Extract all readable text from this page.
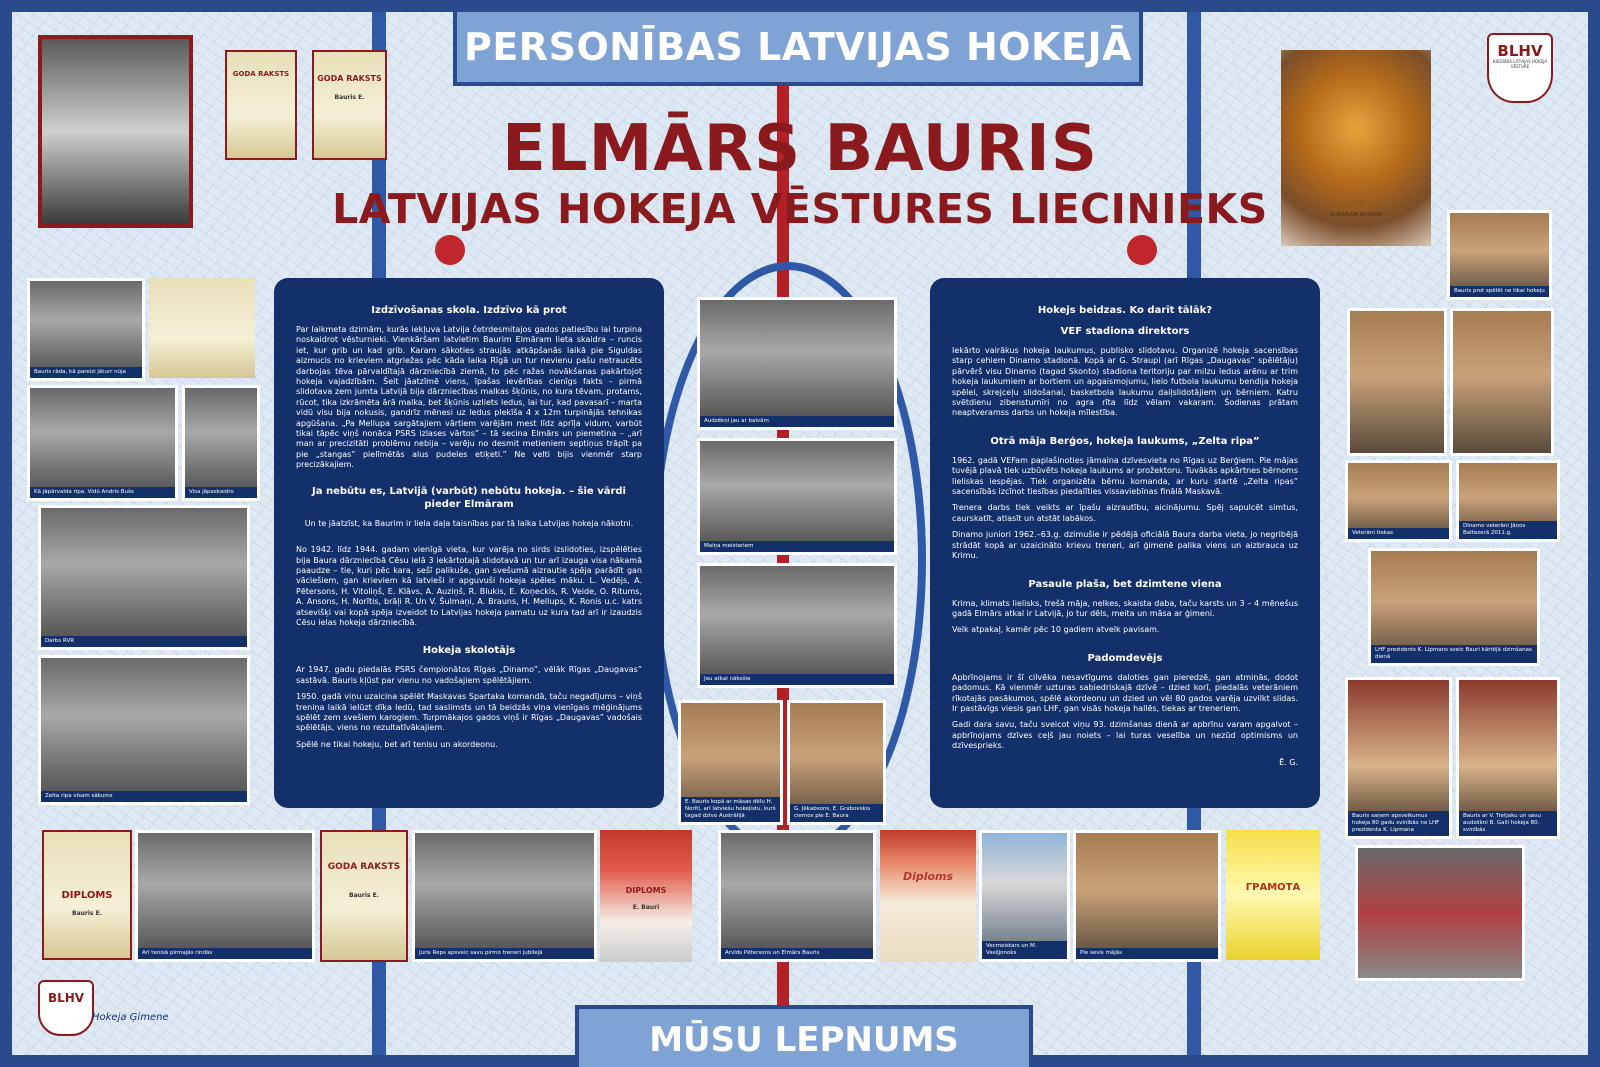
PERSONĪBAS LATVIJAS HOKEJĀ
ELMĀRS BAURIS
LATVIJAS HOKEJA VĒSTURES LIECINIEKS
GODA RAKSTS	GODA RAKSTS
Bauris E.
Bauris rāda, kā pareizi jāturr nūja
Kā jāpārvalda ripa. Vidū Andris Bušs	Visa jāpaskaidro
Darbs RVR
Zelta ripa visam sākums
Izdzīvošanas skola. Izdzīvo kā prot

Par laikmeta dzirnām, kurās iekļuva Latvija četrdesmitajos gados patiesību lai turpina noskaidrot vēsturnieki. Vienkāršam latvietim Baurim Elmāram lieta skaidra – runcis iet, kur grib un kad grib. Karam sākoties straujās atkāpšanās laikā pie Siguldas aizmucis no krieviem atgriežas pēc kāda laika Rīgā un tur nevienu pašu netraucēts darbojas tēva pārvaldītajā dārzniecībā ziemā, to pēc ražas novākšanas pakārtojot hokeja vajadzībām. Šeit jāatzīmē viens, īpašas ievērības cienīgs fakts – pirmā slidotava zem jumta Latvijā bija dārzniecības malkas šķūnis, no kura tēvam, protams, rūcot, tika izkrāmēta ārā malka, bet šķūnis uzliets ledus, lai tur, kad pavasarī – marta vidū visu bija nokusis, gandrīz mēnesi uz ledus plekīša 4 x 12m turpinājās tehnikas apgūšana. „Pa Mellupa sargātajiem vārtiem varējām mest līdz aprīļa vidum, varbūt tikai tāpēc viņš nonāca PSRS izlases vārtos” – tā secina Elmārs un piemetina – „arī man ar precizitāti problēmu nebija – varēju no desmit metieniem septiņus trāpīt pa pie „stangas” pielīmētās alus pudeles etiķeti.” Ne velti bijis vienmēr starp precizākajiem.

Ja nebūtu es, Latvijā (varbūt) nebūtu hokeja. – šie vārdi pieder Elmāram

Un te jāatzīst, ka Baurim ir liela daļa taisnības par tā laika Latvijas hokeja nākotni.

No 1942. līdz 1944. gadam vienīgā vieta, kur varēja no sirds izslidoties, izspēlēties bija Baura dārzniecībā Cēsu ielā 3 iekārtotajā slidotavā un tur arī izauga visa nākamā paaudze – tie, kuri pēc kara, sešī palikuše, gan svešumā aizrautie spēja parādīt gan vāciešiem, gan krieviem kā latvieši ir apguvuši hokeja spēles māku. L. Vedējs, A. Pētersons, H. Vitoliņš, E. Klāvs, A. Auziņš, R. Blukis, E. Koņeckis, R. Veide, O. Ritums, A. Ansons, H. Norītis, brāļi R. Un V. Šulmaņi, A. Brauns, H. Mellups, K. Ronis u.c. katrs atsevišķi vai kopā spēja izveidot to Latvijas hokeja pamatu uz kura tad arī ir izaudzis Cēsu ielas hokeja dārzniecībā.

Hokeja skolotājs

Ar 1947. gadu piedalās PSRS čempionātos Rīgas „Dinamo”, vēlāk Rīgas „Daugavas” sastāvā. Bauris kļūst par vienu no vadošajiem spēlētājiem.

1950. gadā viņu uzaicina spēlēt Maskavas Spartaka komandā, taču negadījums – viņš treniņa laikā ielūzt dīķa ledū, tad saslimsts un tā beidzās viņa vienīgais mēģinājums spēlēt zem svešiem karogiem. Turpmākajos gados viņš ir Rīgas „Daugavas” vadošais spēlētājs, viens no rezultatīvākajiem.

Spēlē ne tikai hokeju, bet arī tenisu un akordeonu.

Audzēkņi jau ar balvām
Maiņa meistariem
Jau atkal nākošie
E. Bauris kopā ar māsas dēlu H. Norīti, arī latviešu hokejistu, kurš tagad dzīvo Austrālijā
G. Jēkabsons, E. Grabovskis ciemos pie E. Baura
Hokejs beidzas. Ko darīt tālāk?
VEF stadiona direktors

Iekārto vairākus hokeja laukumus, publisko slidotavu. Organizē hokeja sacensības starp cehiem Dinamo stadionā. Kopā ar G. Straupi (arī Rīgas „Daugavas” spēlētāju) pārvērš visu Dinamo (tagad Skonto) stadiona teritoriju par milzu ledus arēnu ar trim hokeja laukumiem ar bortiem un apgaismojumu, lielo futbola laukumu bendija hokeja spēlei, skrejceļu slidošanai, basketbola laukumu daiļslidotājiem un bērniem. Katru svētdienu zibensturnīri no agra rīta līdz vēlam vakaram. Šodienas prātam neaptveramss darbs un hokeja mīlestība.

Otrā māja Berģos, hokeja laukums, „Zelta ripa”

1962. gadā VEFam paplašinoties jāmaina dzīvesvieta no Rīgas uz Berģiem. Pie mājas tuvējā plavā tiek uzbūvēts hokeja laukums ar prožektoru. Tuvākās apkārtnes bērnoms lieliskas iespējas. Tiek organizēta bērnu komanda, ar kuru startē „Zelta ripas” sacensībās izcīnot tiesības piedalīties vissaviebīnas finālā Maskavā.

Trenera darbs tiek veikts ar īpašu aizrautību, aicinājumu. Spēj sapulcēt simtus, caurskatīt, atlasīt un atstāt labākos.

Dinamo juniori 1962.–63.g. dzimušie ir pēdējā oficiālā Baura darba vieta, jo negribējā strādāt kopā ar uzaicināto krievu treneri, arī ģimenē palika viens un aizbrauca uz Krimu.

Pasaule plaša, bet dzimtene viena

Krima, klimats lielisks, trešā māja, nelkes, skaista daba, taču karsts un 3 – 4 mēnešus gadā Elmārs atkal ir Latvijā, jo tur dēls, meita un māsa ar ģimeni.

Velk atpakaļ, kamēr pēc 10 gadiem atvelk pavisam.

Padomdevējs

Apbrīnojams ir šī cilvēka nesavtīgums daloties gan pieredzē, gan atmiņās, dodot padomus. Kā vienmēr uzturas sabiedriskajā dzīvē – dzied korī, piedalās veterāniem rīkotajās pasākumos, spēlē akordeonu un dzied un vēl 80 gados varēja uzvilkt slidas. Ir pastāvīgs viesis gan LHF, gan visās hokeja hallēs, tiekas ar treneriem.

Gadi dara savu, taču sveicot viņu 93. dzimšanas dienā ar apbrīnu varam apgalvot – apbrīnojams dzīves ceļš jau noiets – lai turas veselība un nezūd optimisms un dzīvesprieks.

Ē. G.

100
ELMĀRAM BAURIM
BLHV
BIEDRĪBA LATVIJAS HOKEJA VĒSTURE
Bauris prot spēlēt ne tikai hokeju
Veterāni tiekas
Dinamo veterāni Jāņos Baltezerā 2011.g.
LHF prezidents K. Lipmans sveic Bauri kārtējā dzimšanas dienā
Bauris saņem apsveikumus hokeja 80 gadu svinībās no LHF prezidenta K. Lipmana
Bauris ar V. Tretjaku un savu audzēkni B. Galli hokeja 80. svinībās
DIPLOMS
Bauris E.
Arī tenisā pirmajās rindās
GODA RAKSTS
Bauris E.
Juris Reps apsveic savu pirmo treneri jubilejā
DIPLOMS
E. Bauri
Arvīds Pētersons un Elmārs Bauris
Diploms
Vecmeistars un M. Vasiļjonoks	Pie sevis mājās
ГРАМОТА
BLHV
Hokeja Ģimene
MŪSU LEPNUMS
